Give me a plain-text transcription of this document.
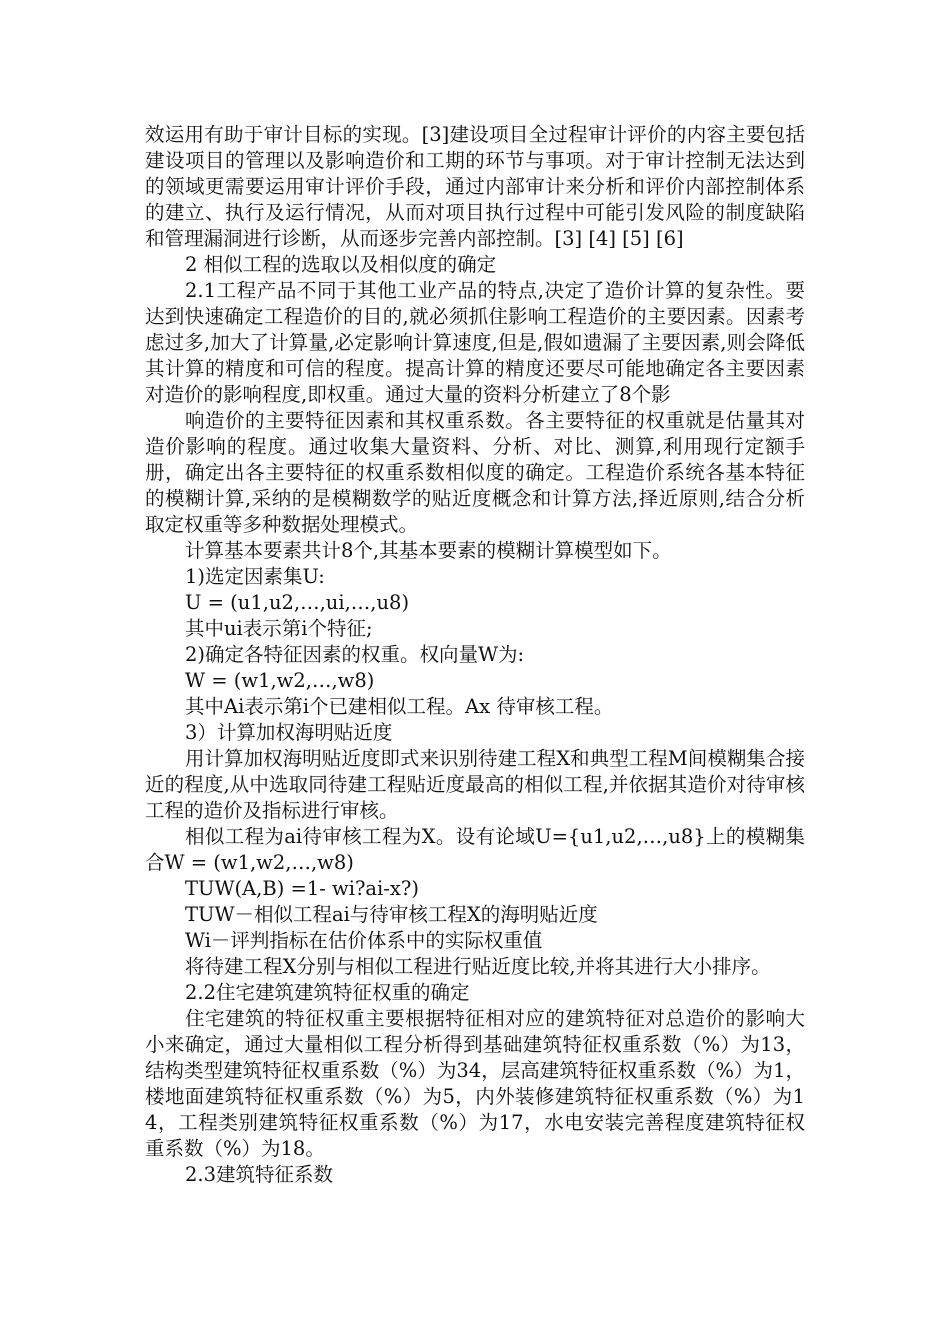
效运用有助于审计目标的实现。[3]建设项目全过程审计评价的内容主要包括建设项目的管理以及影响造价和工期的环节与事项。对于审计控制无法达到的领域更需要运用审计评价手段，通过内部审计来分析和评价内部控制体系的建立、执行及运行情况，从而对项目执行过程中可能引发风险的制度缺陷和管理漏洞进行诊断，从而逐步完善内部控制。[3] [4] [5] [6]

2 相似工程的选取以及相似度的确定

2.1工程产品不同于其他工业产品的特点,决定了造价计算的复杂性。要达到快速确定工程造价的目的,就必须抓住影响工程造价的主要因素。因素考虑过多,加大了计算量,必定影响计算速度,但是,假如遗漏了主要因素,则会降低其计算的精度和可信的程度。提高计算的精度还要尽可能地确定各主要因素对造价的影响程度,即权重。通过大量的资料分析建立了8个影

响造价的主要特征因素和其权重系数。各主要特征的权重就是估量其对造价影响的程度。通过收集大量资料、分析、对比、测算,利用现行定额手册，确定出各主要特征的权重系数相似度的确定。工程造价系统各基本特征的模糊计算,采纳的是模糊数学的贴近度概念和计算方法,择近原则,结合分析取定权重等多种数据处理模式。

计算基本要素共计8个,其基本要素的模糊计算模型如下。

1)选定因素集U:

U = (u1,u2,…,ui,…,u8)

其中ui表示第i个特征;

2)确定各特征因素的权重。权向量W为:

W = (w1,w2,…,w8)

其中Ai表示第i个已建相似工程。Ax 待审核工程。

3）计算加权海明贴近度

用计算加权海明贴近度即式来识别待建工程X和典型工程M间模糊集合接近的程度,从中选取同待建工程贴近度最高的相似工程,并依据其造价对待审核工程的造价及指标进行审核。

相似工程为ai待审核工程为X。设有论域U={u1,u2,…,u8}上的模糊集合W = (w1,w2,…,w8)

TUW(A,B) =1- wi?ai-x?)

TUW－相似工程ai与待审核工程X的海明贴近度

Wi－评判指标在估价体系中的实际权重值

将待建工程X分别与相似工程进行贴近度比较,并将其进行大小排序。

2.2住宅建筑建筑特征权重的确定

住宅建筑的特征权重主要根据特征相对应的建筑特征对总造价的影响大小来确定，通过大量相似工程分析得到基础建筑特征权重系数（%）为13，结构类型建筑特征权重系数（%）为34，层高建筑特征权重系数（%）为1，楼地面建筑特征权重系数（%）为5，内外装修建筑特征权重系数（%）为14，工程类别建筑特征权重系数（%）为17，水电安装完善程度建筑特征权重系数（%）为18。

2.3建筑特征系数
